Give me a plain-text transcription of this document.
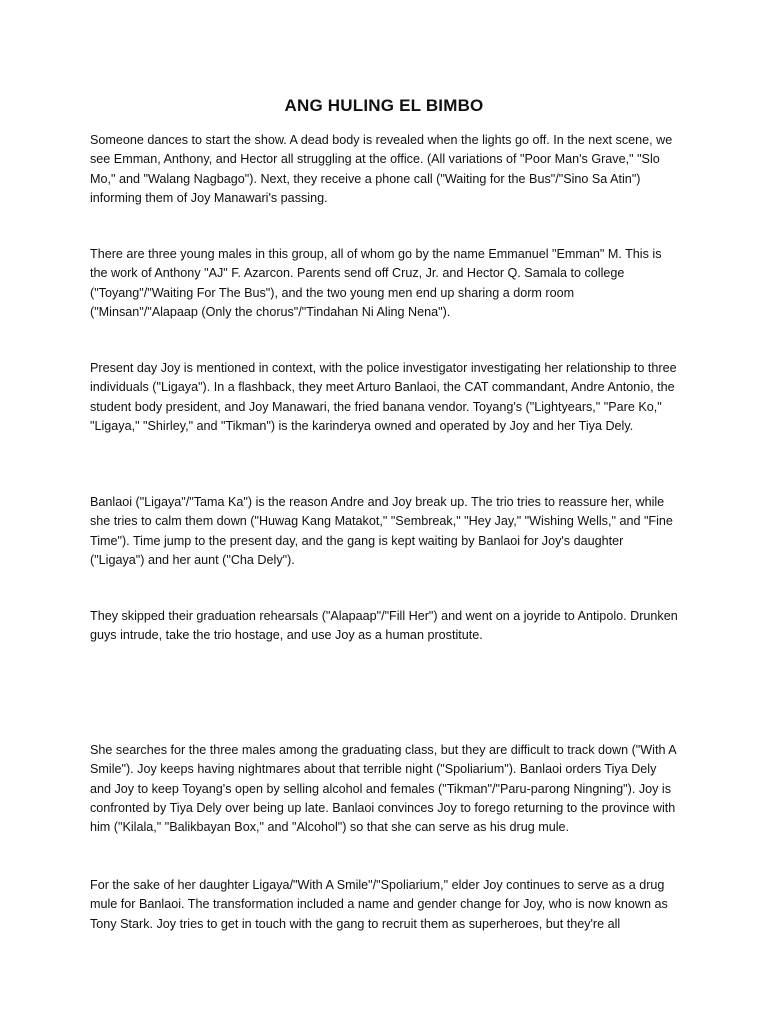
ANG HULING EL BIMBO

Someone dances to start the show. A dead body is revealed when the lights go off. In the next scene, we see Emman, Anthony, and Hector all struggling at the office. (All variations of "Poor Man's Grave," "Slo Mo," and "Walang Nagbago"). Next, they receive a phone call ("Waiting for the Bus"/"Sino Sa Atin") informing them of Joy Manawari's passing.

There are three young males in this group, all of whom go by the name Emmanuel "Emman" M. This is the work of Anthony "AJ" F. Azarcon. Parents send off Cruz, Jr. and Hector Q. Samala to college ("Toyang"/"Waiting For The Bus"), and the two young men end up sharing a dorm room ("Minsan"/"Alapaap (Only the chorus"/"Tindahan Ni Aling Nena").

Present day Joy is mentioned in context, with the police investigator investigating her relationship to three individuals ("Ligaya"). In a flashback, they meet Arturo Banlaoi, the CAT commandant, Andre Antonio, the student body president, and Joy Manawari, the fried banana vendor. Toyang's ("Lightyears," "Pare Ko," "Ligaya," "Shirley," and "Tikman") is the karinderya owned and operated by Joy and her Tiya Dely.

Banlaoi ("Ligaya"/"Tama Ka") is the reason Andre and Joy break up. The trio tries to reassure her, while she tries to calm them down ("Huwag Kang Matakot," "Sembreak," "Hey Jay," "Wishing Wells," and "Fine Time"). Time jump to the present day, and the gang is kept waiting by Banlaoi for Joy's daughter ("Ligaya") and her aunt ("Cha Dely").

They skipped their graduation rehearsals ("Alapaap"/"Fill Her") and went on a joyride to Antipolo. Drunken guys intrude, take the trio hostage, and use Joy as a human prostitute.

She searches for the three males among the graduating class, but they are difficult to track down ("With A Smile"). Joy keeps having nightmares about that terrible night ("Spoliarium"). Banlaoi orders Tiya Dely and Joy to keep Toyang's open by selling alcohol and females ("Tikman"/"Paru-parong Ningning"). Joy is confronted by Tiya Dely over being up late. Banlaoi convinces Joy to forego returning to the province with him ("Kilala," "Balikbayan Box," and "Alcohol") so that she can serve as his drug mule.

For the sake of her daughter Ligaya/"With A Smile"/"Spoliarium," elder Joy continues to serve as a drug mule for Banlaoi. The transformation included a name and gender change for Joy, who is now known as Tony Stark. Joy tries to get in touch with the gang to recruit them as superheroes, but they're all
